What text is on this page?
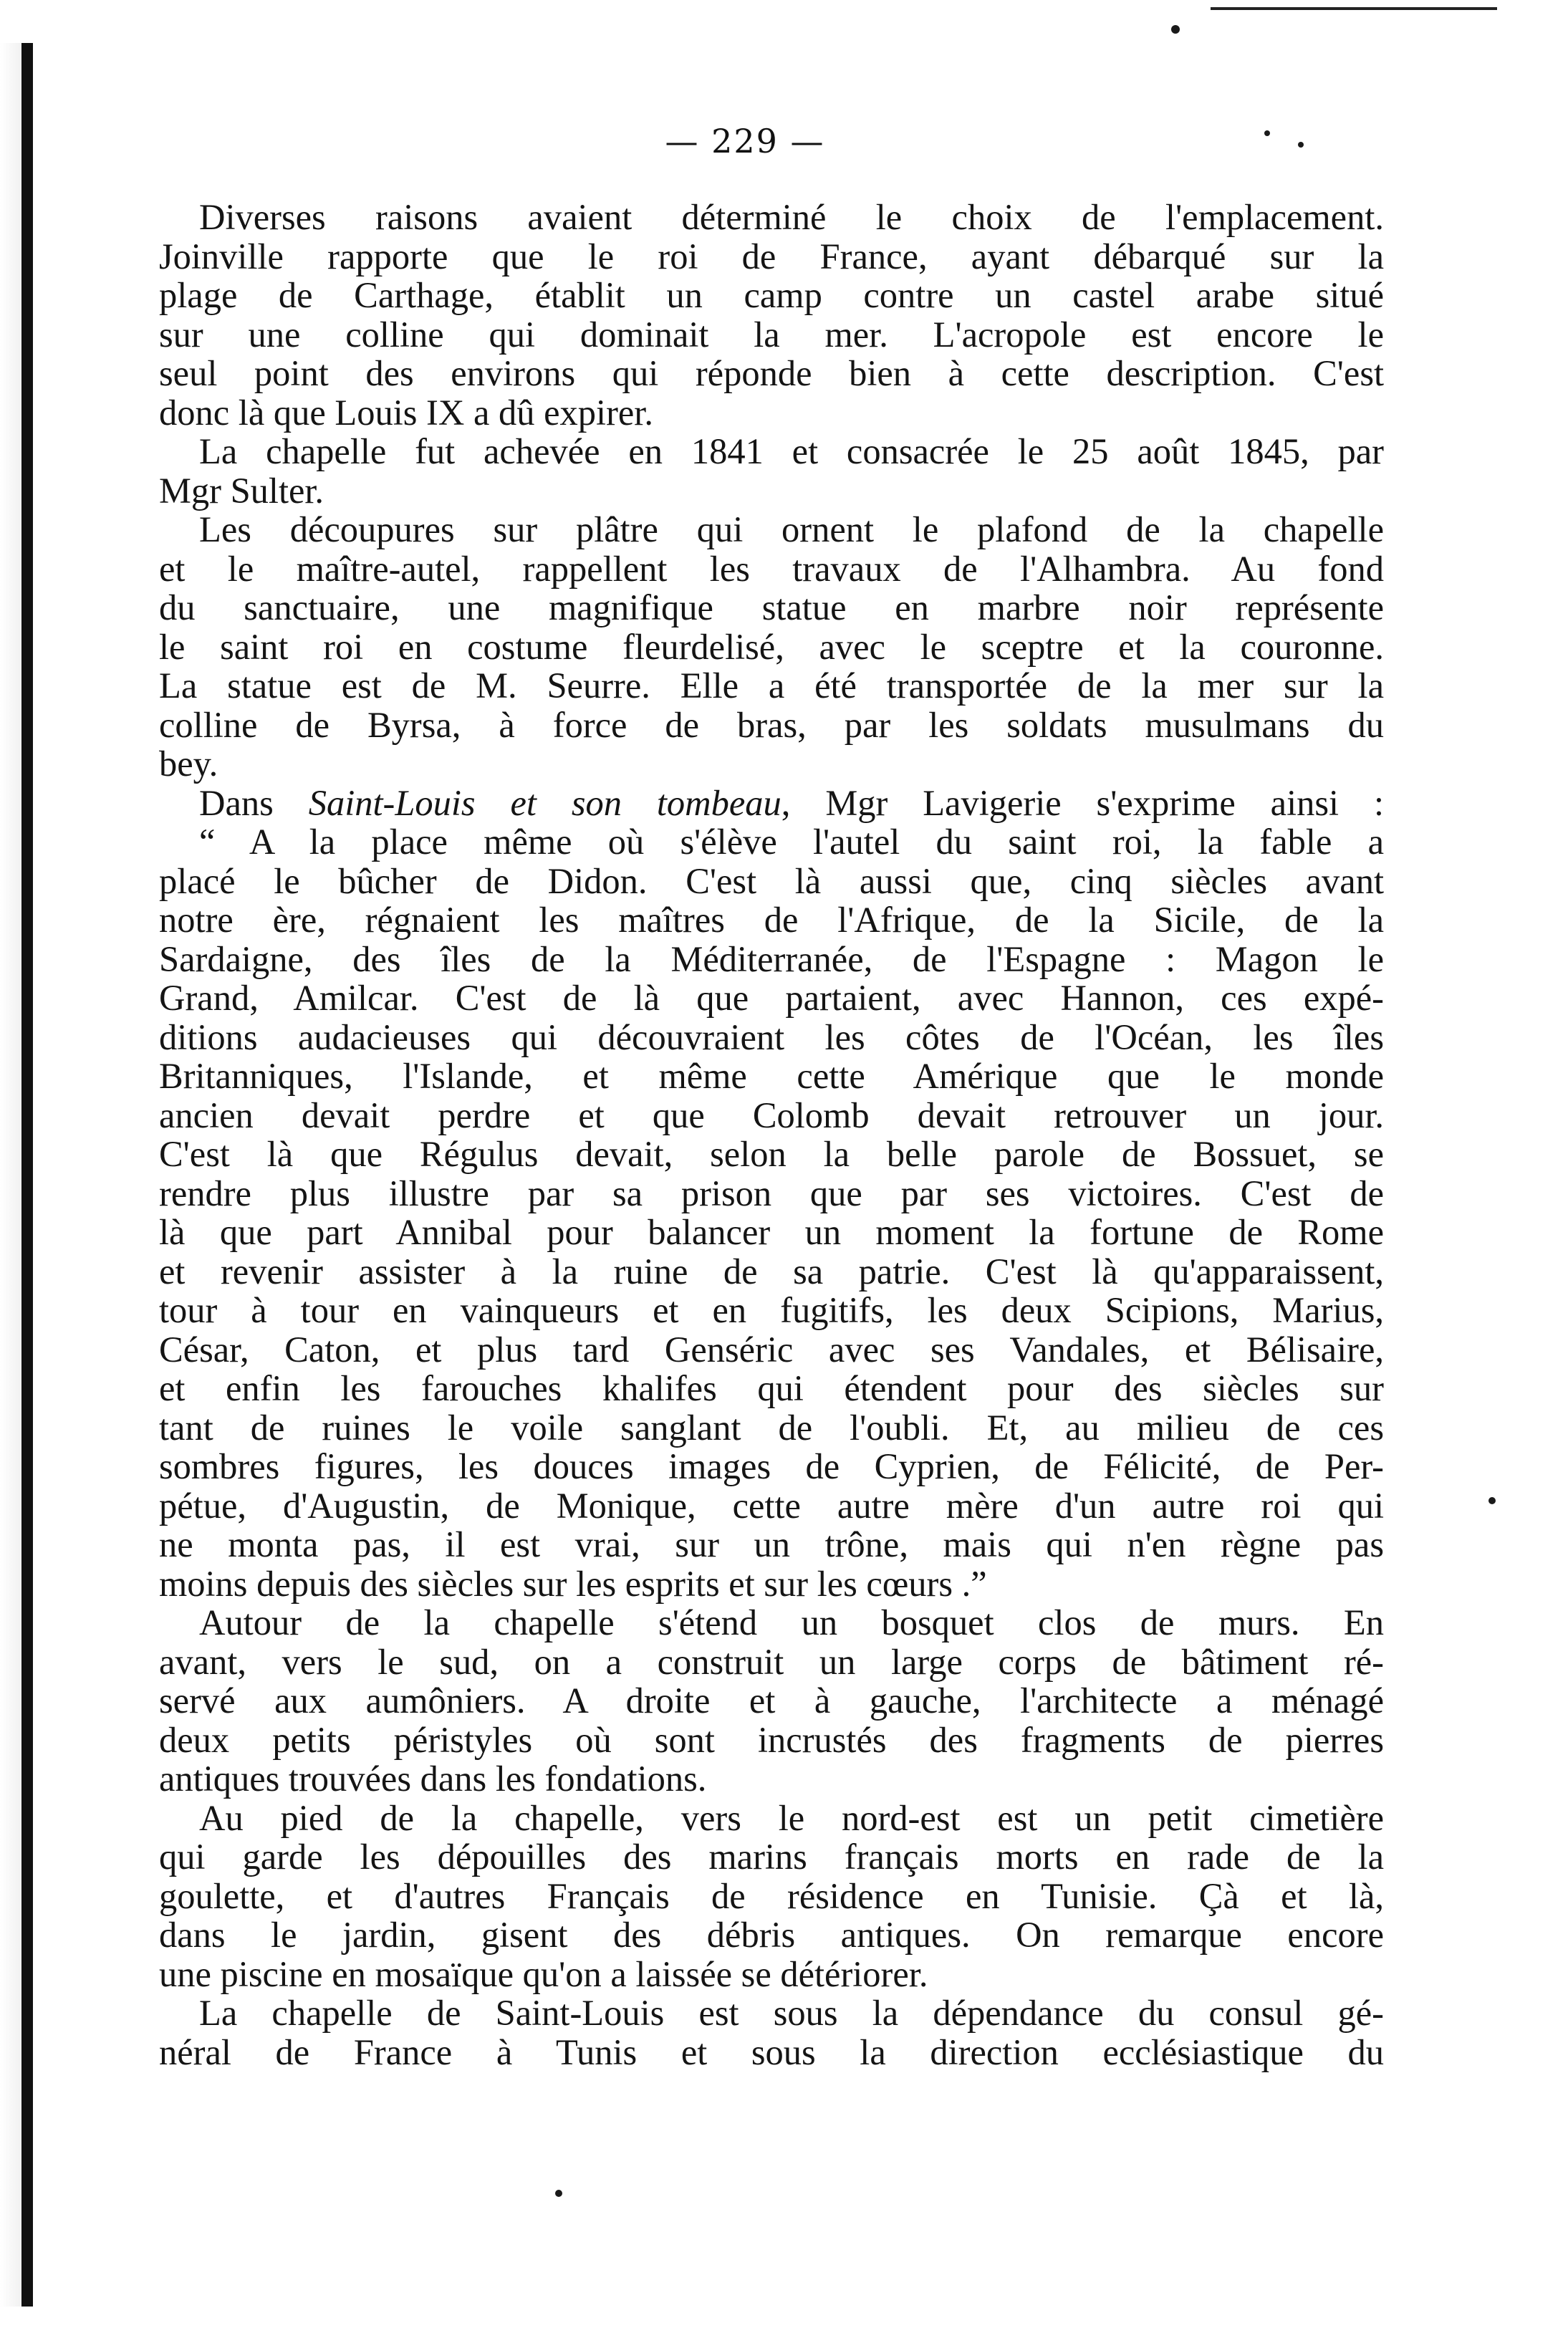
— 229 —
Diverses raisons avaient déterminé le choix de l'emplacement.
Joinville rapporte que le roi de France, ayant débarqué sur la
plage de Carthage, établit un camp contre un castel arabe situé
sur une colline qui dominait la mer. L'acropole est encore le
seul point des environs qui réponde bien à cette description. C'est
donc là que Louis IX a dû expirer.
La chapelle fut achevée en 1841 et consacrée le 25 août 1845, par
Mgr Sulter.
Les découpures sur plâtre qui ornent le plafond de la chapelle
et le maître-autel, rappellent les travaux de l'Alhambra. Au fond
du sanctuaire, une magnifique statue en marbre noir représente
le saint roi en costume fleurdelisé, avec le sceptre et la couronne.
La statue est de M. Seurre. Elle a été transportée de la mer sur la
colline de Byrsa, à force de bras, par les soldats musulmans du
bey.
Dans Saint-Louis et son tombeau, Mgr Lavigerie s'exprime ainsi :
“ A la place même où s'élève l'autel du saint roi, la fable a
placé le bûcher de Didon. C'est là aussi que, cinq siècles avant
notre ère, régnaient les maîtres de l'Afrique, de la Sicile, de la
Sardaigne, des îles de la Méditerranée, de l'Espagne : Magon le
Grand, Amilcar. C'est de là que partaient, avec Hannon, ces expé-
ditions audacieuses qui découvraient les côtes de l'Océan, les îles
Britanniques, l'Islande, et même cette Amérique que le monde
ancien devait perdre et que Colomb devait retrouver un jour.
C'est là que Régulus devait, selon la belle parole de Bossuet, se
rendre plus illustre par sa prison que par ses victoires. C'est de
là que part Annibal pour balancer un moment la fortune de Rome
et revenir assister à la ruine de sa patrie. C'est là qu'apparaissent,
tour à tour en vainqueurs et en fugitifs, les deux Scipions, Marius,
César, Caton, et plus tard Genséric avec ses Vandales, et Bélisaire,
et enfin les farouches khalifes qui étendent pour des siècles sur
tant de ruines le voile sanglant de l'oubli. Et, au milieu de ces
sombres figures, les douces images de Cyprien, de Félicité, de Per-
pétue, d'Augustin, de Monique, cette autre mère d'un autre roi qui
ne monta pas, il est vrai, sur un trône, mais qui n'en règne pas
moins depuis des siècles sur les esprits et sur les cœurs .”
Autour de la chapelle s'étend un bosquet clos de murs. En
avant, vers le sud, on a construit un large corps de bâtiment ré-
servé aux aumôniers. A droite et à gauche, l'architecte a ménagé
deux petits péristyles où sont incrustés des fragments de pierres
antiques trouvées dans les fondations.
Au pied de la chapelle, vers le nord-est est un petit cimetière
qui garde les dépouilles des marins français morts en rade de la
goulette, et d'autres Français de résidence en Tunisie. Çà et là,
dans le jardin, gisent des débris antiques. On remarque encore
une piscine en mosaïque qu'on a laissée se détériorer.
La chapelle de Saint-Louis est sous la dépendance du consul gé-
néral de France à Tunis et sous la direction ecclésiastique du
